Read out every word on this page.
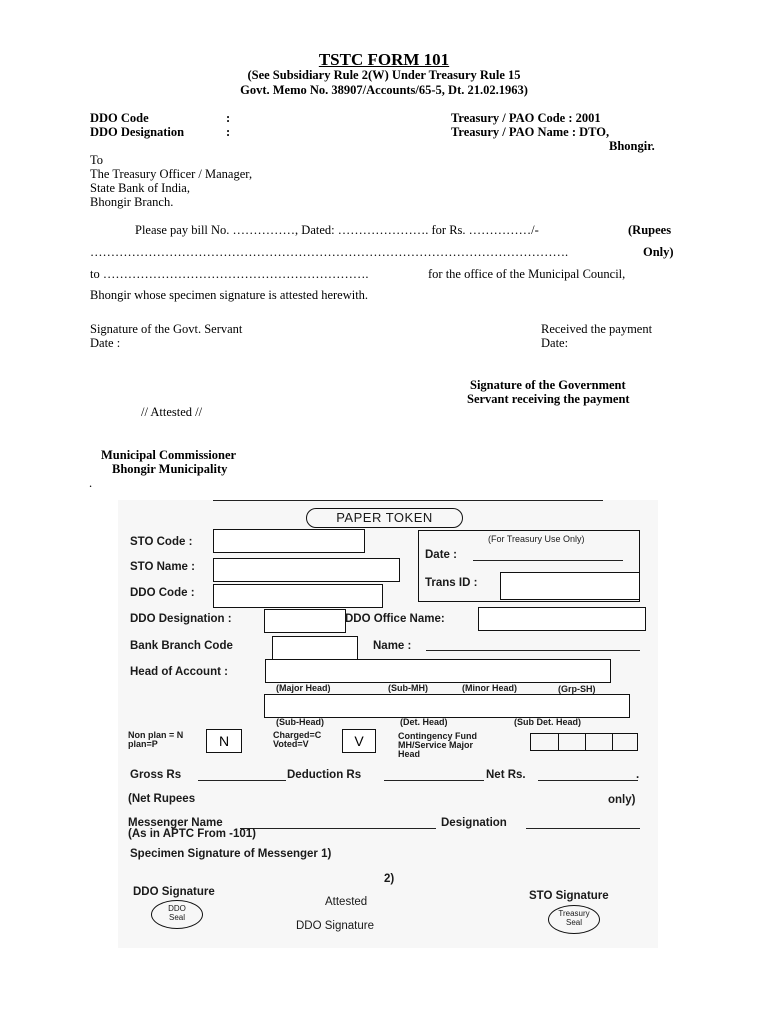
TSTC FORM 101
(See Subsidiary Rule 2(W) Under Treasury Rule 15
Govt. Memo No. 38907/Accounts/65-5, Dt. 21.02.1963)
DDO Code	:
DDO Designation	:
Treasury / PAO Code : 2001
Treasury / PAO Name : DTO,
Bhongir.
To
The Treasury Officer / Manager,
State Bank of India,
Bhongir Branch.
Please pay bill No. ……………, Dated: …………………. for Rs. ……………/-	(Rupees
…………………………………………………………………………………………………….	Only)
to ……………………………………………………….	for the office of the Municipal Council,
Bhongir whose specimen signature is attested herewith.
Signature of the Govt. Servant
Date :
Received the payment
Date:
Signature of the Government
Servant receiving the payment
// Attested //
Municipal Commissioner
Bhongir Municipality
.
PAPER TOKEN
STO Code :
STO Name :
DDO Code :
(For Treasury Use Only)
Date :
Trans ID :
DDO Designation :	DDO Office Name:
Bank Branch Code	Name :
Head of Account :
(Major Head)	(Sub-MH)	(Minor Head)	(Grp-SH)
(Sub-Head)	(Det. Head)	(Sub Det. Head)
Non plan = N
plan=P	N	Charged=C
Voted=V	V	Contingency Fund
MH/Service Major
Head
Gross Rs	Deduction Rs	Net Rs.	.
(Net Rupees	only)
Messenger Name
(As in APTC From -101)
Designation
Specimen Signature of Messenger 1)
2)
DDO Signature
DDO
Seal
Attested
DDO Signature
STO Signature
Treasury
Seal
